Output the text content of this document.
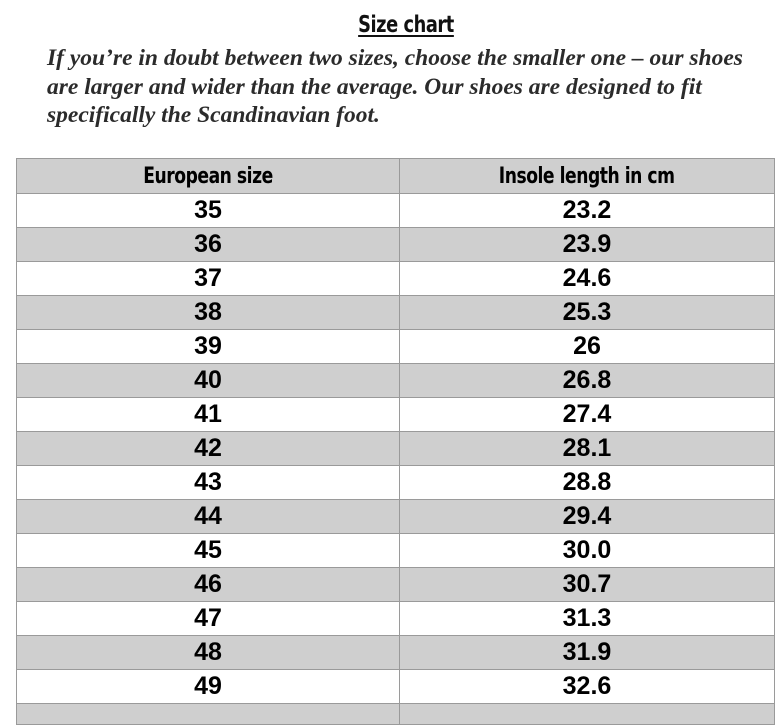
Size chart

If you’re in doubt between two sizes, choose the smaller one – our shoes are larger and wider than the average. Our shoes are designed to fit specifically the Scandinavian foot.

European size	Insole length in cm
35	23.2
36	23.9
37	24.6
38	25.3
39	26
40	26.8
41	27.4
42	28.1
43	28.8
44	29.4
45	30.0
46	30.7
47	31.3
48	31.9
49	32.6
